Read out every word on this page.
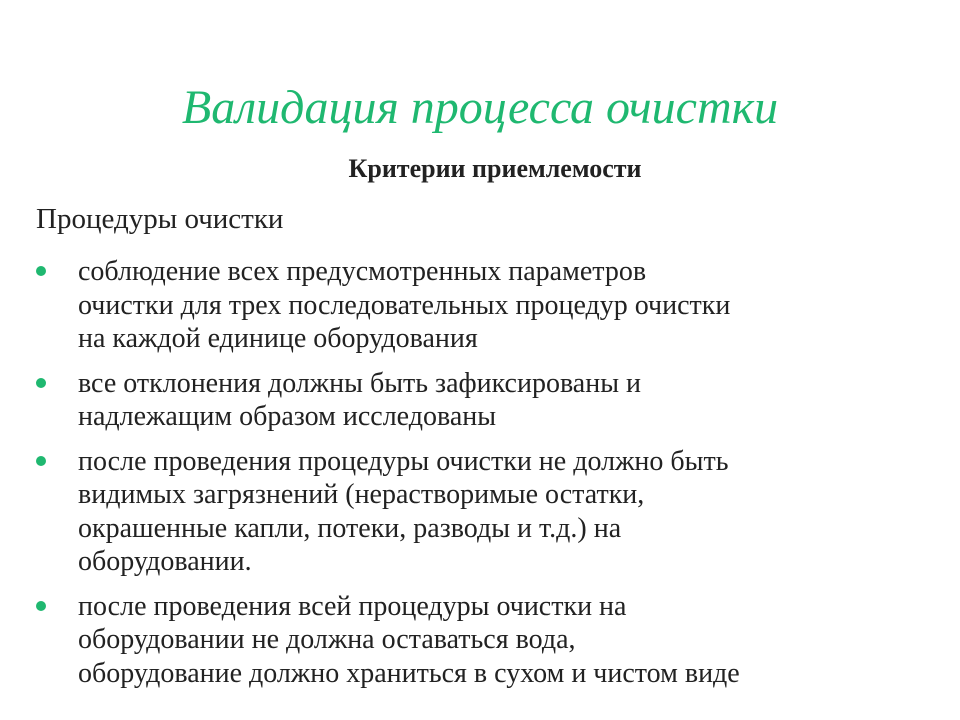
Валидация процесса очистки
Критерии приемлемости
Процедуры очистки
соблюдение всех предусмотренных параметров
очистки для трех последовательных процедур очистки
на каждой единице оборудования
все отклонения должны быть зафиксированы и
надлежащим образом исследованы
после проведения процедуры очистки не должно быть
видимых загрязнений (нерастворимые остатки,
окрашенные капли, потеки, разводы и т.д.) на
оборудовании.
после проведения всей процедуры очистки на
оборудовании не должна оставаться вода,
оборудование должно храниться в сухом и чистом виде
